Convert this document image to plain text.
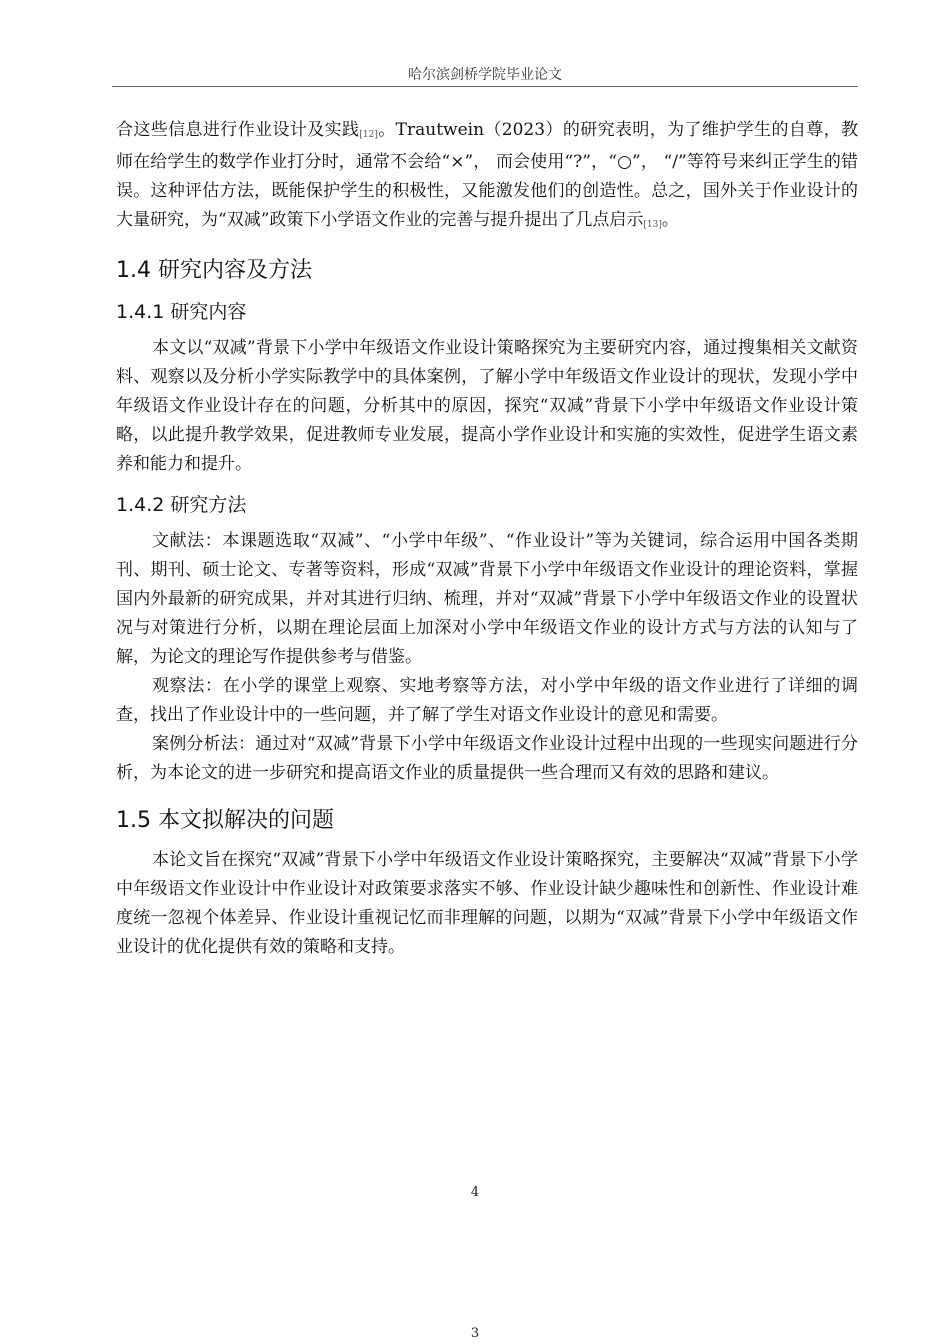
哈尔滨剑桥学院毕业论文

合这些信息进行作业设计及实践[12]。Trautwein（2023）的研究表明，为了维护学生的自尊，教师在给学生的数学作业打分时，通常不会给“×”， 而会使用“?”，“○”， “/”等符号来纠正学生的错误。这种评估方法，既能保护学生的积极性，又能激发他们的创造性。总之，国外关于作业设计的大量研究，为“双减”政策下小学语文作业的完善与提升提出了几点启示[13]。

1.4 研究内容及方法
1.4.1 研究内容

本文以“双减”背景下小学中年级语文作业设计策略探究为主要研究内容，通过搜集相关文献资料、观察以及分析小学实际教学中的具体案例，了解小学中年级语文作业设计的现状，发现小学中年级语文作业设计存在的问题，分析其中的原因，探究“双减”背景下小学中年级语文作业设计策略，以此提升教学效果，促进教师专业发展，提高小学作业设计和实施的实效性，促进学生语文素养和能力和提升。

1.4.2 研究方法

文献法：本课题选取“双减”、“小学中年级”、“作业设计”等为关键词，综合运用中国各类期刊、期刊、硕士论文、专著等资料，形成“双减”背景下小学中年级语文作业设计的理论资料，掌握国内外最新的研究成果，并对其进行归纳、梳理，并对“双减”背景下小学中年级语文作业的设置状况与对策进行分析，以期在理论层面上加深对小学中年级语文作业的设计方式与方法的认知与了解，为论文的理论写作提供参考与借鉴。

观察法：在小学的课堂上观察、实地考察等方法，对小学中年级的语文作业进行了详细的调查，找出了作业设计中的一些问题，并了解了学生对语文作业设计的意见和需要。

案例分析法：通过对“双减”背景下小学中年级语文作业设计过程中出现的一些现实问题进行分析，为本论文的进一步研究和提高语文作业的质量提供一些合理而又有效的思路和建议。

1.5 本文拟解决的问题

本论文旨在探究“双减”背景下小学中年级语文作业设计策略探究，主要解决“双减”背景下小学中年级语文作业设计中作业设计对政策要求落实不够、作业设计缺少趣味性和创新性、作业设计难度统一忽视个体差异、作业设计重视记忆而非理解的问题，以期为“双减”背景下小学中年级语文作业设计的优化提供有效的策略和支持。

4
3
